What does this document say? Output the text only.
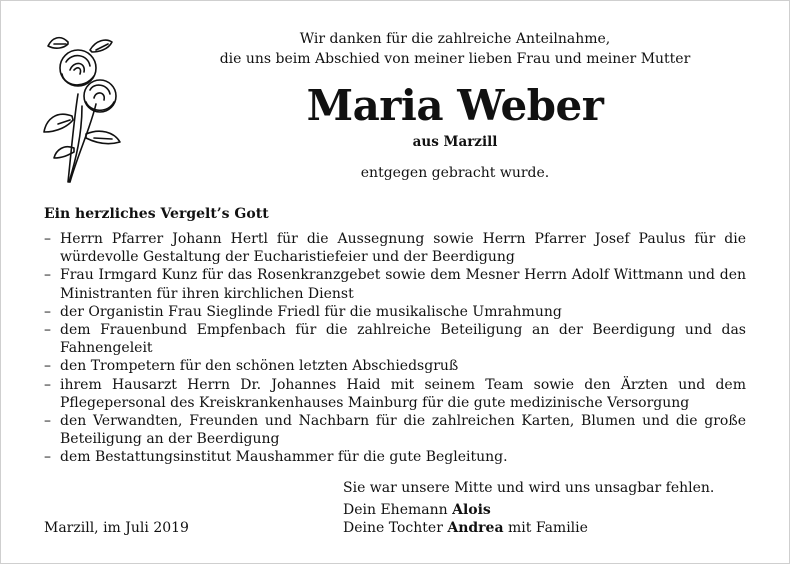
Wir danken für die zahlreiche Anteilnahme,
die uns beim Abschied von meiner lieben Frau und meiner Mutter
Maria Weber
aus Marzill
entgegen gebracht wurde.
Ein herzliches Vergelt’s Gott
– Herrn Pfarrer Johann Hertl für die Aussegnung sowie Herrn Pfarrer Josef Paulus für die würdevolle Gestaltung der Eucharistiefeier und der Beerdigung
– Frau Irmgard Kunz für das Rosenkranzgebet sowie dem Mesner Herrn Adolf Wittmann und den Ministranten für ihren kirchlichen Dienst
– der Organistin Frau Sieglinde Friedl für die musikalische Umrahmung
– dem Frauenbund Empfenbach für die zahlreiche Beteiligung an der Beerdigung und das Fahnengeleit
– den Trompetern für den schönen letzten Abschiedsgruß
– ihrem Hausarzt Herrn Dr. Johannes Haid mit seinem Team sowie den Ärzten und dem Pflegepersonal des Kreiskrankenhauses Mainburg für die gute medizinische Versorgung
– den Verwandten, Freunden und Nachbarn für die zahlreichen Karten, Blumen und die große Beteiligung an der Beerdigung
– dem Bestattungsinstitut Maushammer für die gute Begleitung.
Sie war unsere Mitte und wird uns unsagbar fehlen.
Dein Ehemann Alois
Deine Tochter Andrea mit Familie
Marzill, im Juli 2019
